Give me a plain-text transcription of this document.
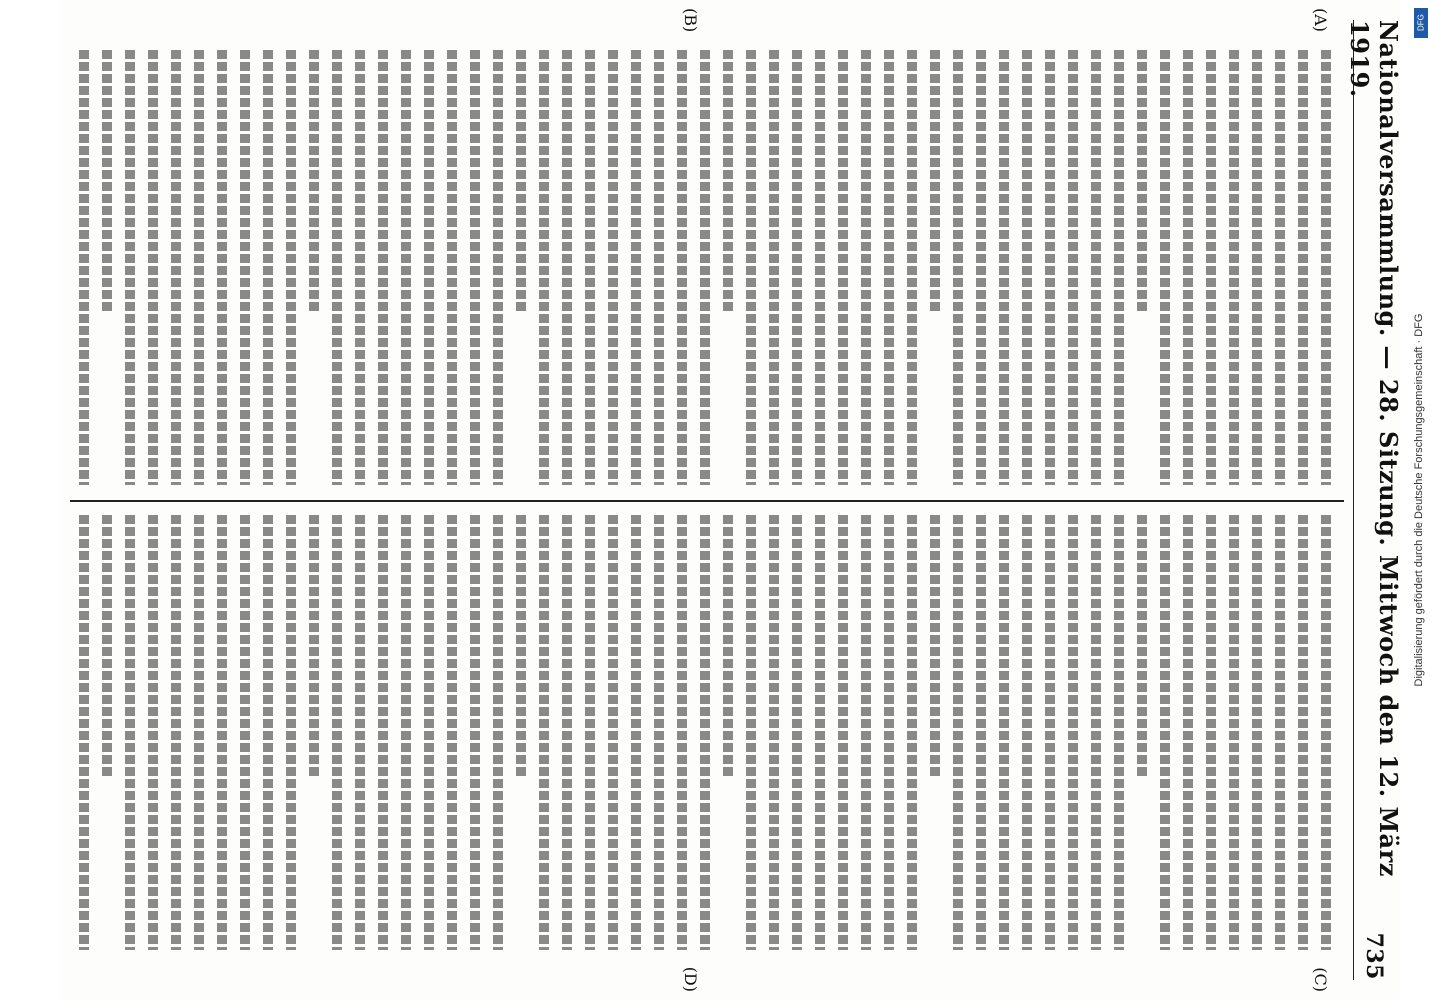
Nationalversammlung. — 28. Sitzung. Mittwoch den 12. März 1919.
735
(A)
(B)
(C)
(D)
Digitalisierung gefördert durch die Deutsche Forschungsgemeinschaft · DFG
DFG
